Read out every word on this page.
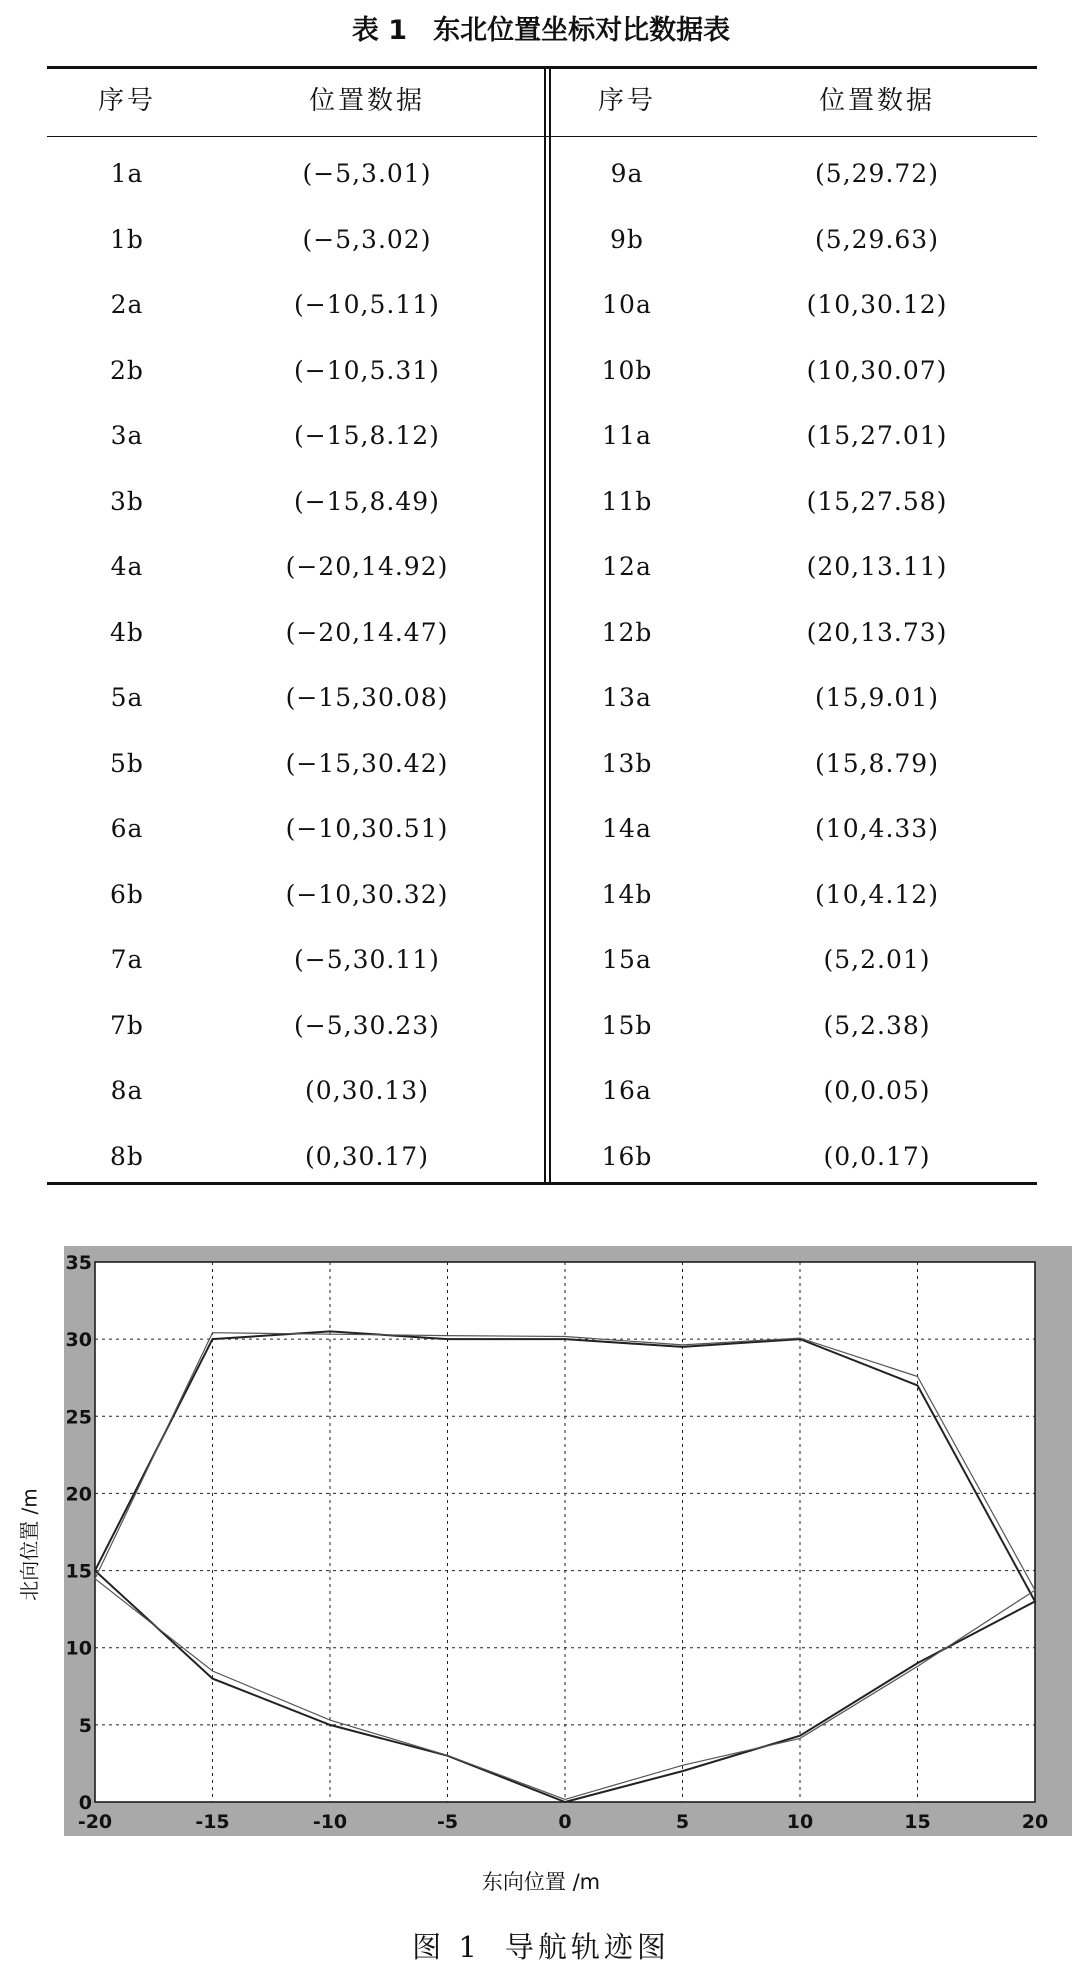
表 1 东北位置坐标对比数据表
序号	位置数据	序号	位置数据
1a	(−5,3.01)	9a	(5,29.72)
1b	(−5,3.02)	9b	(5,29.63)
2a	(−10,5.11)	10a	(10,30.12)
2b	(−10,5.31)	10b	(10,30.07)
3a	(−15,8.12)	11a	(15,27.01)
3b	(−15,8.49)	11b	(15,27.58)
4a	(−20,14.92)	12a	(20,13.11)
4b	(−20,14.47)	12b	(20,13.73)
5a	(−15,30.08)	13a	(15,9.01)
5b	(−15,30.42)	13b	(15,8.79)
6a	(−10,30.51)	14a	(10,4.33)
6b	(−10,30.32)	14b	(10,4.12)
7a	(−5,30.11)	15a	(5,2.01)
7b	(−5,30.23)	15b	(5,2.38)
8a	(0,30.13)	16a	(0,0.05)
8b	(0,30.17)	16b	(0,0.17)
-20	-15	-10	-5	0	5	10	15	20
0
5
10
15
20
25
30
35
北向位置 /m
东向位置 /m
图 1 导航轨迹图
